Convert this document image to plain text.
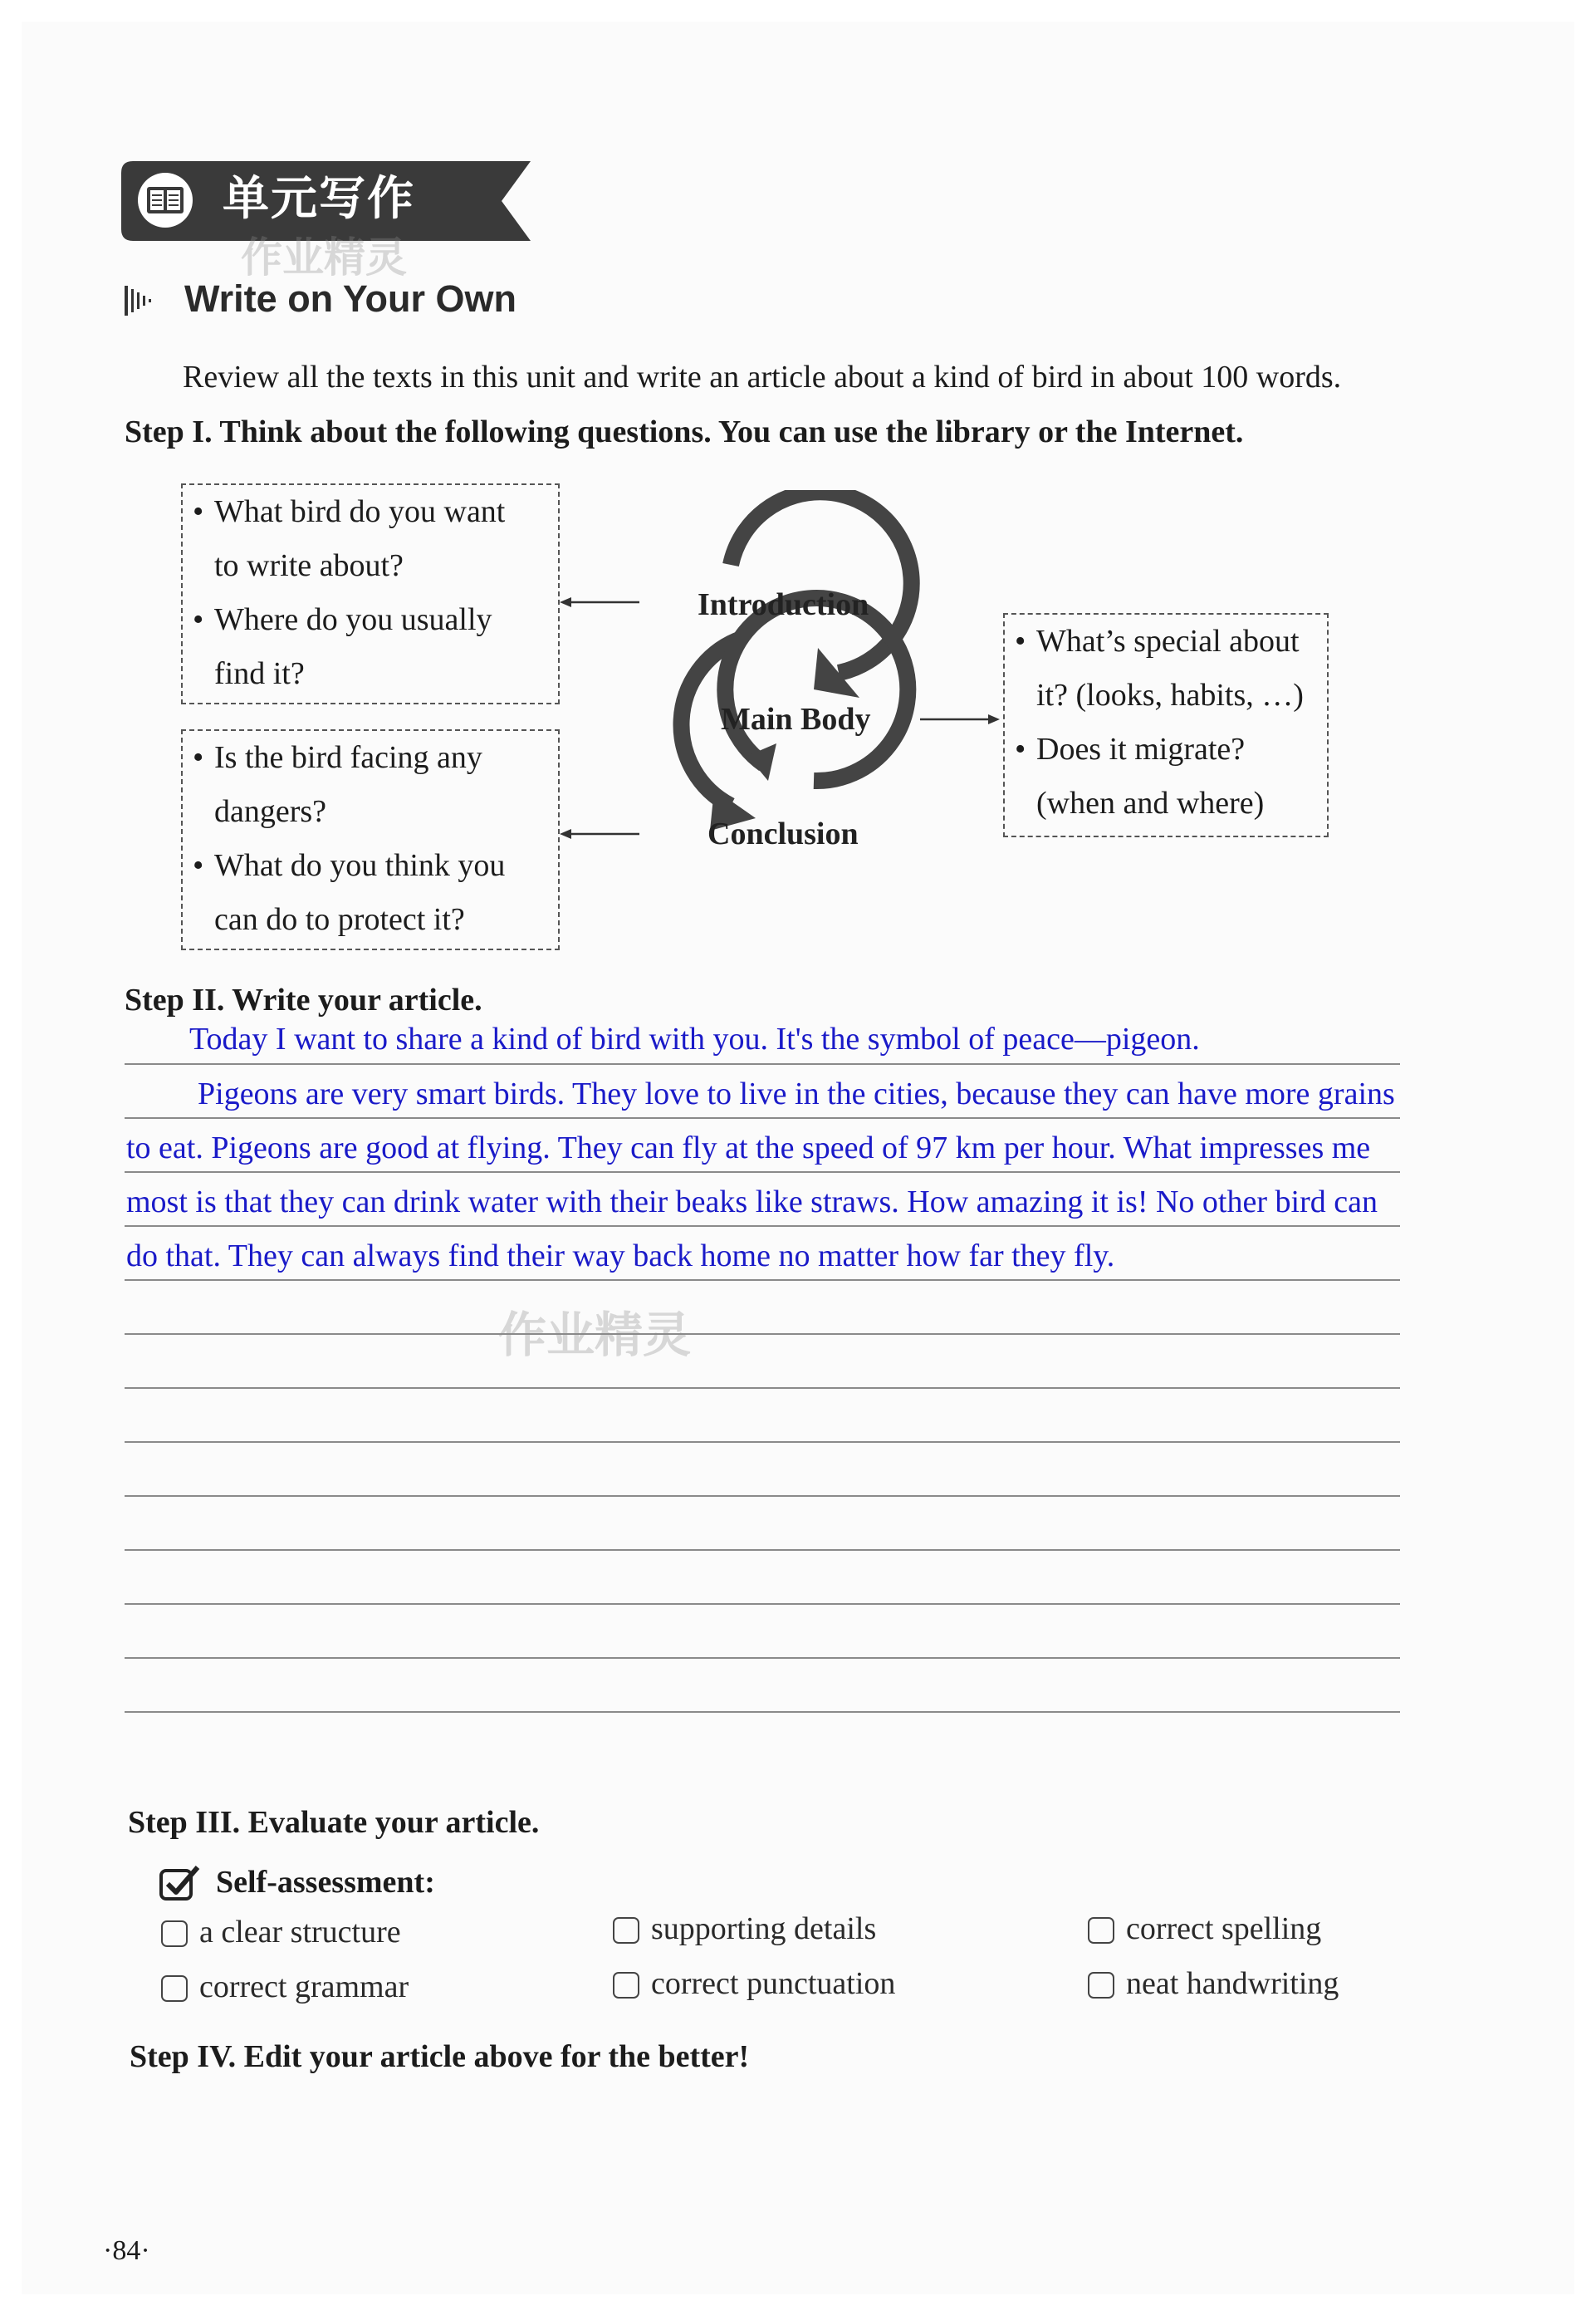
单元写作
作业精灵
作业精灵
Write on Your Own
Review all the texts in this unit and write an article about a kind of bird in about 100 words.
Step I. Think about the following questions. You can use the library or the Internet.
• What bird do you want
to write about?
• Where do you usually
find it?
• Is the bird facing any
dangers?
• What do you think you
can do to protect it?
• What’s special about
it? (looks, habits, …)
• Does it migrate?
(when and where)
Introduction
Main Body
Conclusion
Step II. Write your article.
Today I want to share a kind of bird with you. It's the symbol of peace—pigeon.
Pigeons are very smart birds. They love to live in the cities, because they can have more grains
to eat. Pigeons are good at flying. They can fly at the speed of 97 km per hour. What impresses me
most is that they can drink water with their beaks like straws. How amazing it is! No other bird can
do that. They can always find their way back home no matter how far they fly.
Step III. Evaluate your article.
Self-assessment:
a clear structure	supporting details	correct spelling
correct grammar	correct punctuation	neat handwriting
Step IV. Edit your article above for the better!
·84·
